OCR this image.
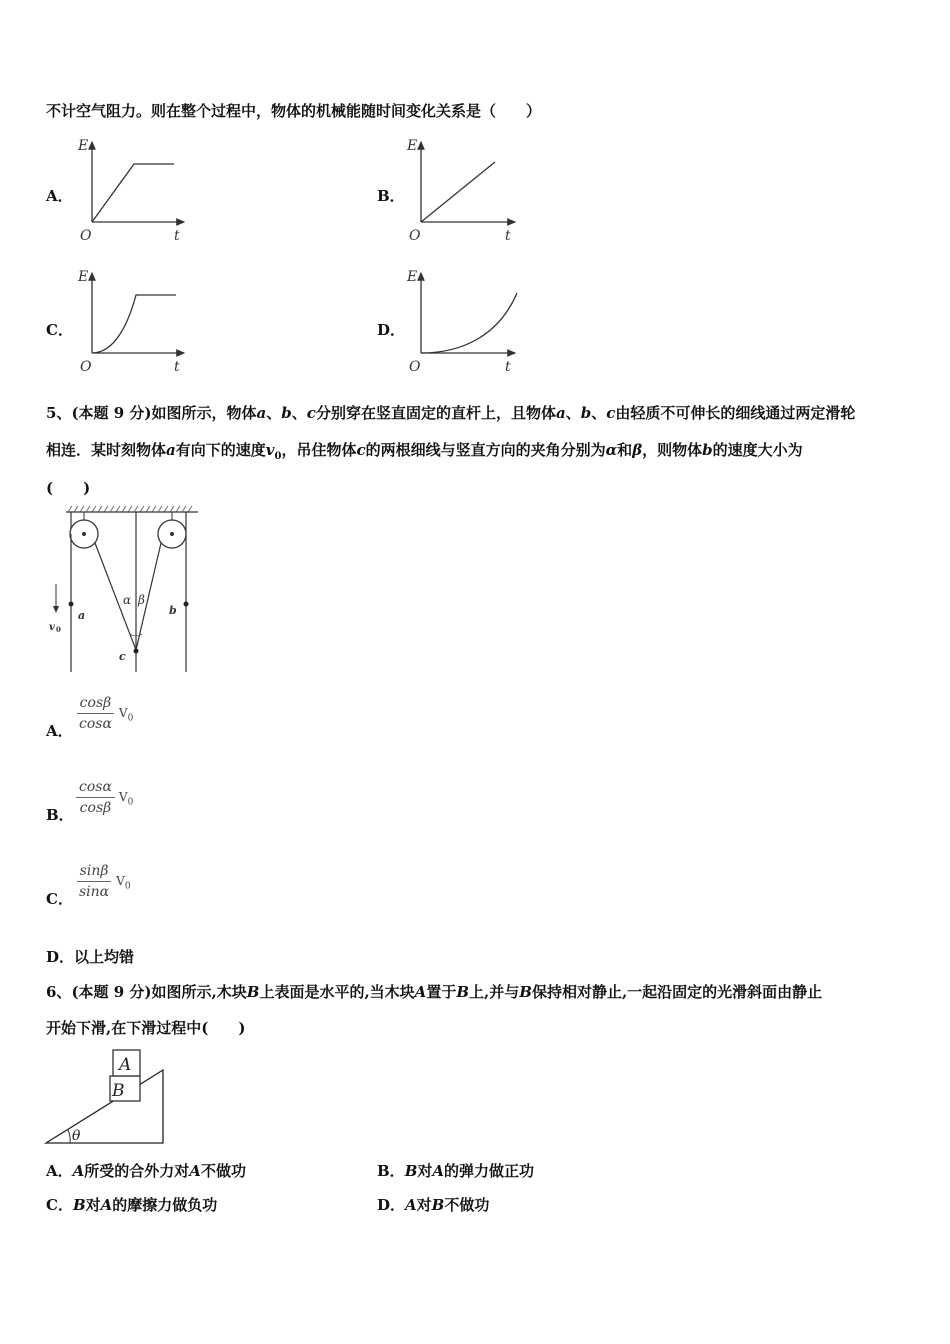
不计空气阻力。则在整个过程中，物体的机械能随时间变化关系是（　　）
A．
E
O	t
B．
E
O	t
C．
E
O	t
D．
E
O	t
5、(本题 9 分)如图所示，物体a、b、c分别穿在竖直固定的直杆上，且物体a、b、c由轻质不可伸长的细线通过两定滑轮
相连．某时刻物体a有向下的速度$v_0$，吊住物体c的两根细线与竖直方向的夹角分别为α和β，则物体b的速度大小为
(　　)
v 0
a	b
c
α β
A． $\frac{\cos\beta}{\cos\alpha} V_0$
B． $\frac{\cos\alpha}{\cos\beta} V_0$
C． $\frac{\sin\beta}{\sin\alpha} V_0$
D．以上均错
6、(本题 9 分)如图所示,木块B上表面是水平的,当木块A置于B上,并与B保持相对静止,一起沿固定的光滑斜面由静止
开始下滑,在下滑过程中(　　)
A
B
θ
A．A所受的合外力对A不做功	B．B对A的弹力做正功
C．B对A的摩擦力做负功	D．A对B不做功
